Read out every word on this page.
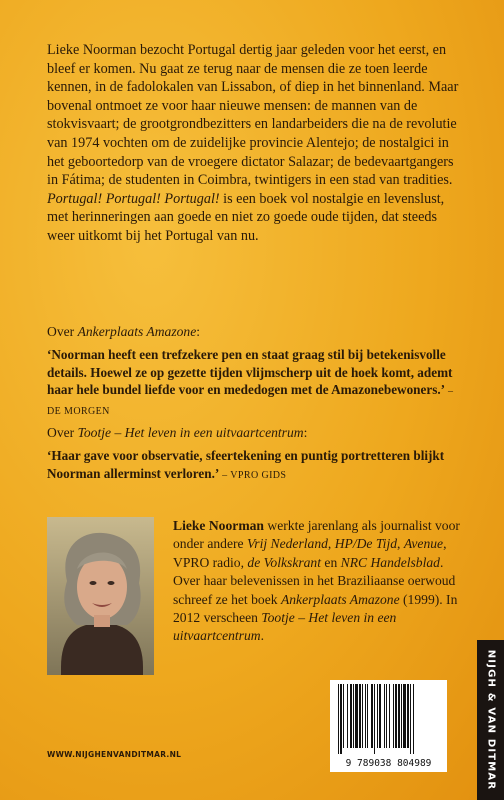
Lieke Noorman bezocht Portugal dertig jaar geleden voor het eerst, en bleef er komen. Nu gaat ze terug naar de mensen die ze toen leerde kennen, in de fadolokalen van Lissabon, of diep in het binnenland. Maar bovenal ontmoet ze voor haar nieuwe mensen: de mannen van de stokvisvaart; de grootgrondbezitters en landarbeiders die na de revolutie van 1974 vochten om de zuidelijke provincie Alentejo; de nostalgici in het geboortedorp van de vroegere dictator Salazar; de bedevaartgangers in Fátima; de studenten in Coimbra, twintigers in een stad van tradities. Portugal! Portugal! Portugal! is een boek vol nostalgie en levenslust, met herinneringen aan goede en niet zo goede oude tijden, dat steeds weer uitkomt bij het Portugal van nu.

Over Ankerplaats Amazone:
‘Noorman heeft een trefzekere pen en staat graag stil bij betekenisvolle details. Hoewel ze op gezette tijden vlijmscherp uit de hoek komt, ademt haar hele bundel liefde voor en mededogen met de Amazonebewoners.’ – DE MORGEN
Over Tootje – Het leven in een uitvaartcentrum:
‘Haar gave voor observatie, sfeertekening en puntig portretteren blijkt Noorman allerminst verloren.’ – VPRO GIDS
Lieke Noorman werkte jarenlang als journalist voor onder andere Vrij Nederland, HP/De Tijd, Avenue, VPRO radio, de Volkskrant en NRC Handelsblad. Over haar belevenissen in het Braziliaanse oerwoud schreef ze het boek Ankerplaats Amazone (1999). In 2012 verscheen Tootje – Het leven in een uitvaartcentrum.
9 789038 804989
WWW.NIJGHENVANDITMAR.NL	NIJGH & VAN DITMAR
